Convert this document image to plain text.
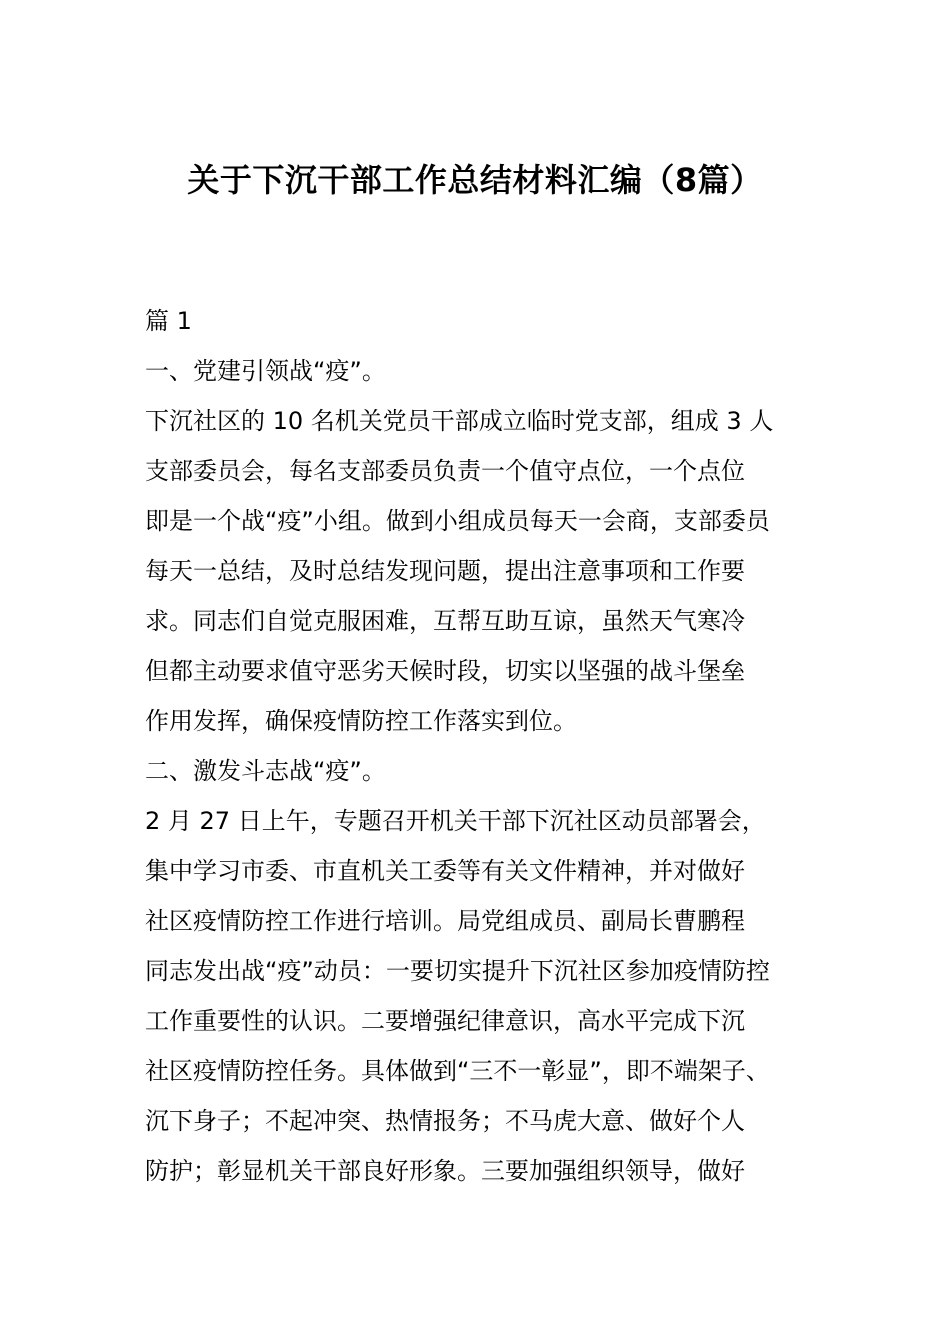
关于下沉干部工作总结材料汇编（8篇）
篇 1
一、党建引领战“疫”。
下沉社区的 10 名机关党员干部成立临时党支部，组成 3 人
支部委员会，每名支部委员负责一个值守点位，一个点位
即是一个战“疫”小组。做到小组成员每天一会商，支部委员
每天一总结，及时总结发现问题，提出注意事项和工作要
求。同志们自觉克服困难，互帮互助互谅，虽然天气寒冷
但都主动要求值守恶劣天候时段，切实以坚强的战斗堡垒
作用发挥，确保疫情防控工作落实到位。
二、激发斗志战“疫”。
2 月 27 日上午，专题召开机关干部下沉社区动员部署会，
集中学习市委、市直机关工委等有关文件精神，并对做好
社区疫情防控工作进行培训。局党组成员、副局长曹鹏程
同志发出战“疫”动员：一要切实提升下沉社区参加疫情防控
工作重要性的认识。二要增强纪律意识，高水平完成下沉
社区疫情防控任务。具体做到“三不一彰显”，即不端架子、
沉下身子；不起冲突、热情报务；不马虎大意、做好个人
防护；彰显机关干部良好形象。三要加强组织领导，做好
